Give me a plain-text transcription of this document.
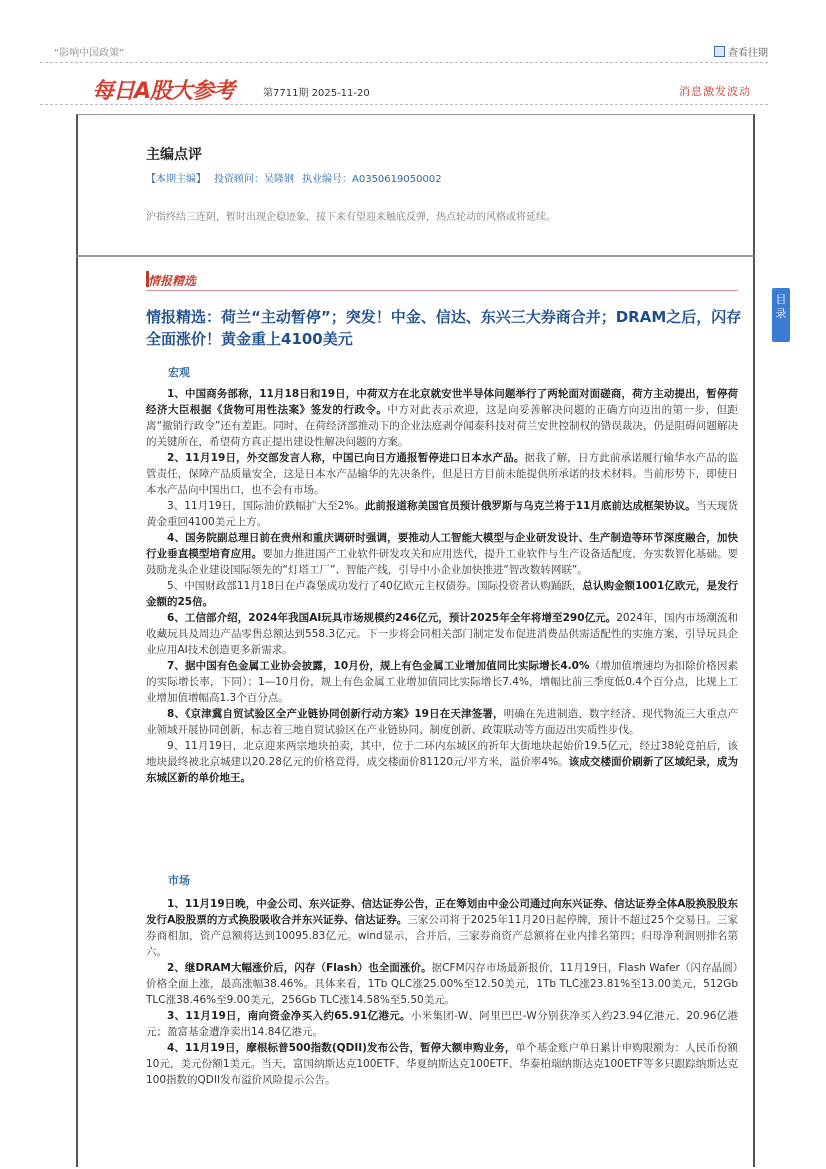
“影响中国政策”	查看往期
每日A股大参考	第7711期 2025-11-20	消息激发波动
主编点评
【本期主编】 投资顾问：吴隆钢 执业编号：A0350619050002
沪指终结三连阴，暂时出现企稳迹象，接下来有望迎来触底反弹，热点轮动的风格或将延续。
情报精选
情报精选：荷兰“主动暂停”；突发！中金、信达、东兴三大券商合并；DRAM之后，闪存全面涨价！黄金重上4100美元
宏观

1、中国商务部称，11月18日和19日，中荷双方在北京就安世半导体问题举行了两轮面对面磋商，荷方主动提出，暂停荷经济大臣根据《货物可用性法案》签发的行政令。中方对此表示欢迎，这是向妥善解决问题的正确方向迈出的第一步，但距离“撤销行政令”还有差距。同时，在荷经济部推动下的企业法庭剥夺闻泰科技对荷兰安世控制权的错误裁决，仍是阻碍问题解决的关键所在，希望荷方真正提出建设性解决问题的方案。

2、11月19日，外交部发言人称，中国已向日方通报暂停进口日本水产品。据我了解，日方此前承诺履行输华水产品的监管责任，保障产品质量安全，这是日本水产品输华的先决条件，但是日方目前未能提供所承诺的技术材料。当前形势下，即使日本水产品向中国出口，也不会有市场。

3、11月19日，国际油价跌幅扩大至2%。此前报道称美国官员预计俄罗斯与乌克兰将于11月底前达成框架协议。当天现货黄金重回4100美元上方。

4、国务院副总理日前在贵州和重庆调研时强调，要推动人工智能大模型与企业研发设计、生产制造等环节深度融合，加快行业垂直模型培育应用。要加力推进国产工业软件研发攻关和应用迭代，提升工业软件与生产设备适配度，夯实数智化基础。要鼓励龙头企业建设国际领先的“灯塔工厂”、智能产线，引导中小企业加快推进“智改数转网联”。

5、中国财政部11月18日在卢森堡成功发行了40亿欧元主权债券。国际投资者认购踊跃，总认购金额1001亿欧元，是发行金额的25倍。

6、工信部介绍，2024年我国AI玩具市场规模约246亿元，预计2025年全年将增至290亿元。2024年，国内市场潮流和收藏玩具及周边产品零售总额达到558.3亿元。下一步将会同相关部门制定发布促进消费品供需适配性的实施方案，引导玩具企业应用AI技术创造更多新需求。

7、据中国有色金属工业协会披露，10月份，规上有色金属工业增加值同比实际增长4.0%（增加值增速均为扣除价格因素的实际增长率，下同）；1—10月份，规上有色金属工业增加值同比实际增长7.4%，增幅比前三季度低0.4个百分点，比规上工业增加值增幅高1.3个百分点。

8、《京津冀自贸试验区全产业链协同创新行动方案》19日在天津签署，明确在先进制造、数字经济、现代物流三大重点产业领域开展协同创新，标志着三地自贸试验区在产业链协同、制度创新、政策联动等方面迈出实质性步伐。

9、11月19日，北京迎来两宗地块拍卖，其中，位于二环内东城区的祈年大街地块起始价19.5亿元，经过38轮竞拍后，该地块最终被北京城建以20.28亿元的价格竞得，成交楼面价81120元/平方米，溢价率4%。该成交楼面价刷新了区域纪录，成为东城区新的单价地王。

市场

1、11月19日晚，中金公司、东兴证券、信达证券公告，正在筹划由中金公司通过向东兴证券、信达证券全体A股换股股东发行A股股票的方式换股吸收合并东兴证券、信达证券。三家公司将于2025年11月20日起停牌，预计不超过25个交易日。三家券商相加，资产总额将达到10095.83亿元。wind显示，合并后，三家券商资产总额将在业内排名第四；归母净利润则排名第六。

2、继DRAM大幅涨价后，闪存（Flash）也全面涨价。据CFM闪存市场最新报价，11月19日，Flash Wafer（闪存晶圆）价格全面上涨，最高涨幅38.46%。具体来看，1Tb QLC涨25.00%至12.50美元，1Tb TLC涨23.81%至13.00美元，512Gb TLC涨38.46%至9.00美元，256Gb TLC涨14.58%至5.50美元。

3、11月19日，南向资金净买入约65.91亿港元。小米集团-W、阿里巴巴-W分别获净买入约23.94亿港元、20.96亿港元；盈富基金遭净卖出14.84亿港元。

4、11月19日，摩根标普500指数(QDII)发布公告，暂停大额申购业务，单个基金账户单日累计申购限额为：人民币份额10元，美元份额1美元。当天，富国纳斯达克100ETF、华夏纳斯达克100ETF、华泰柏瑞纳斯达克100ETF等多只跟踪纳斯达克100指数的QDII发布溢价风险提示公告。

目录
